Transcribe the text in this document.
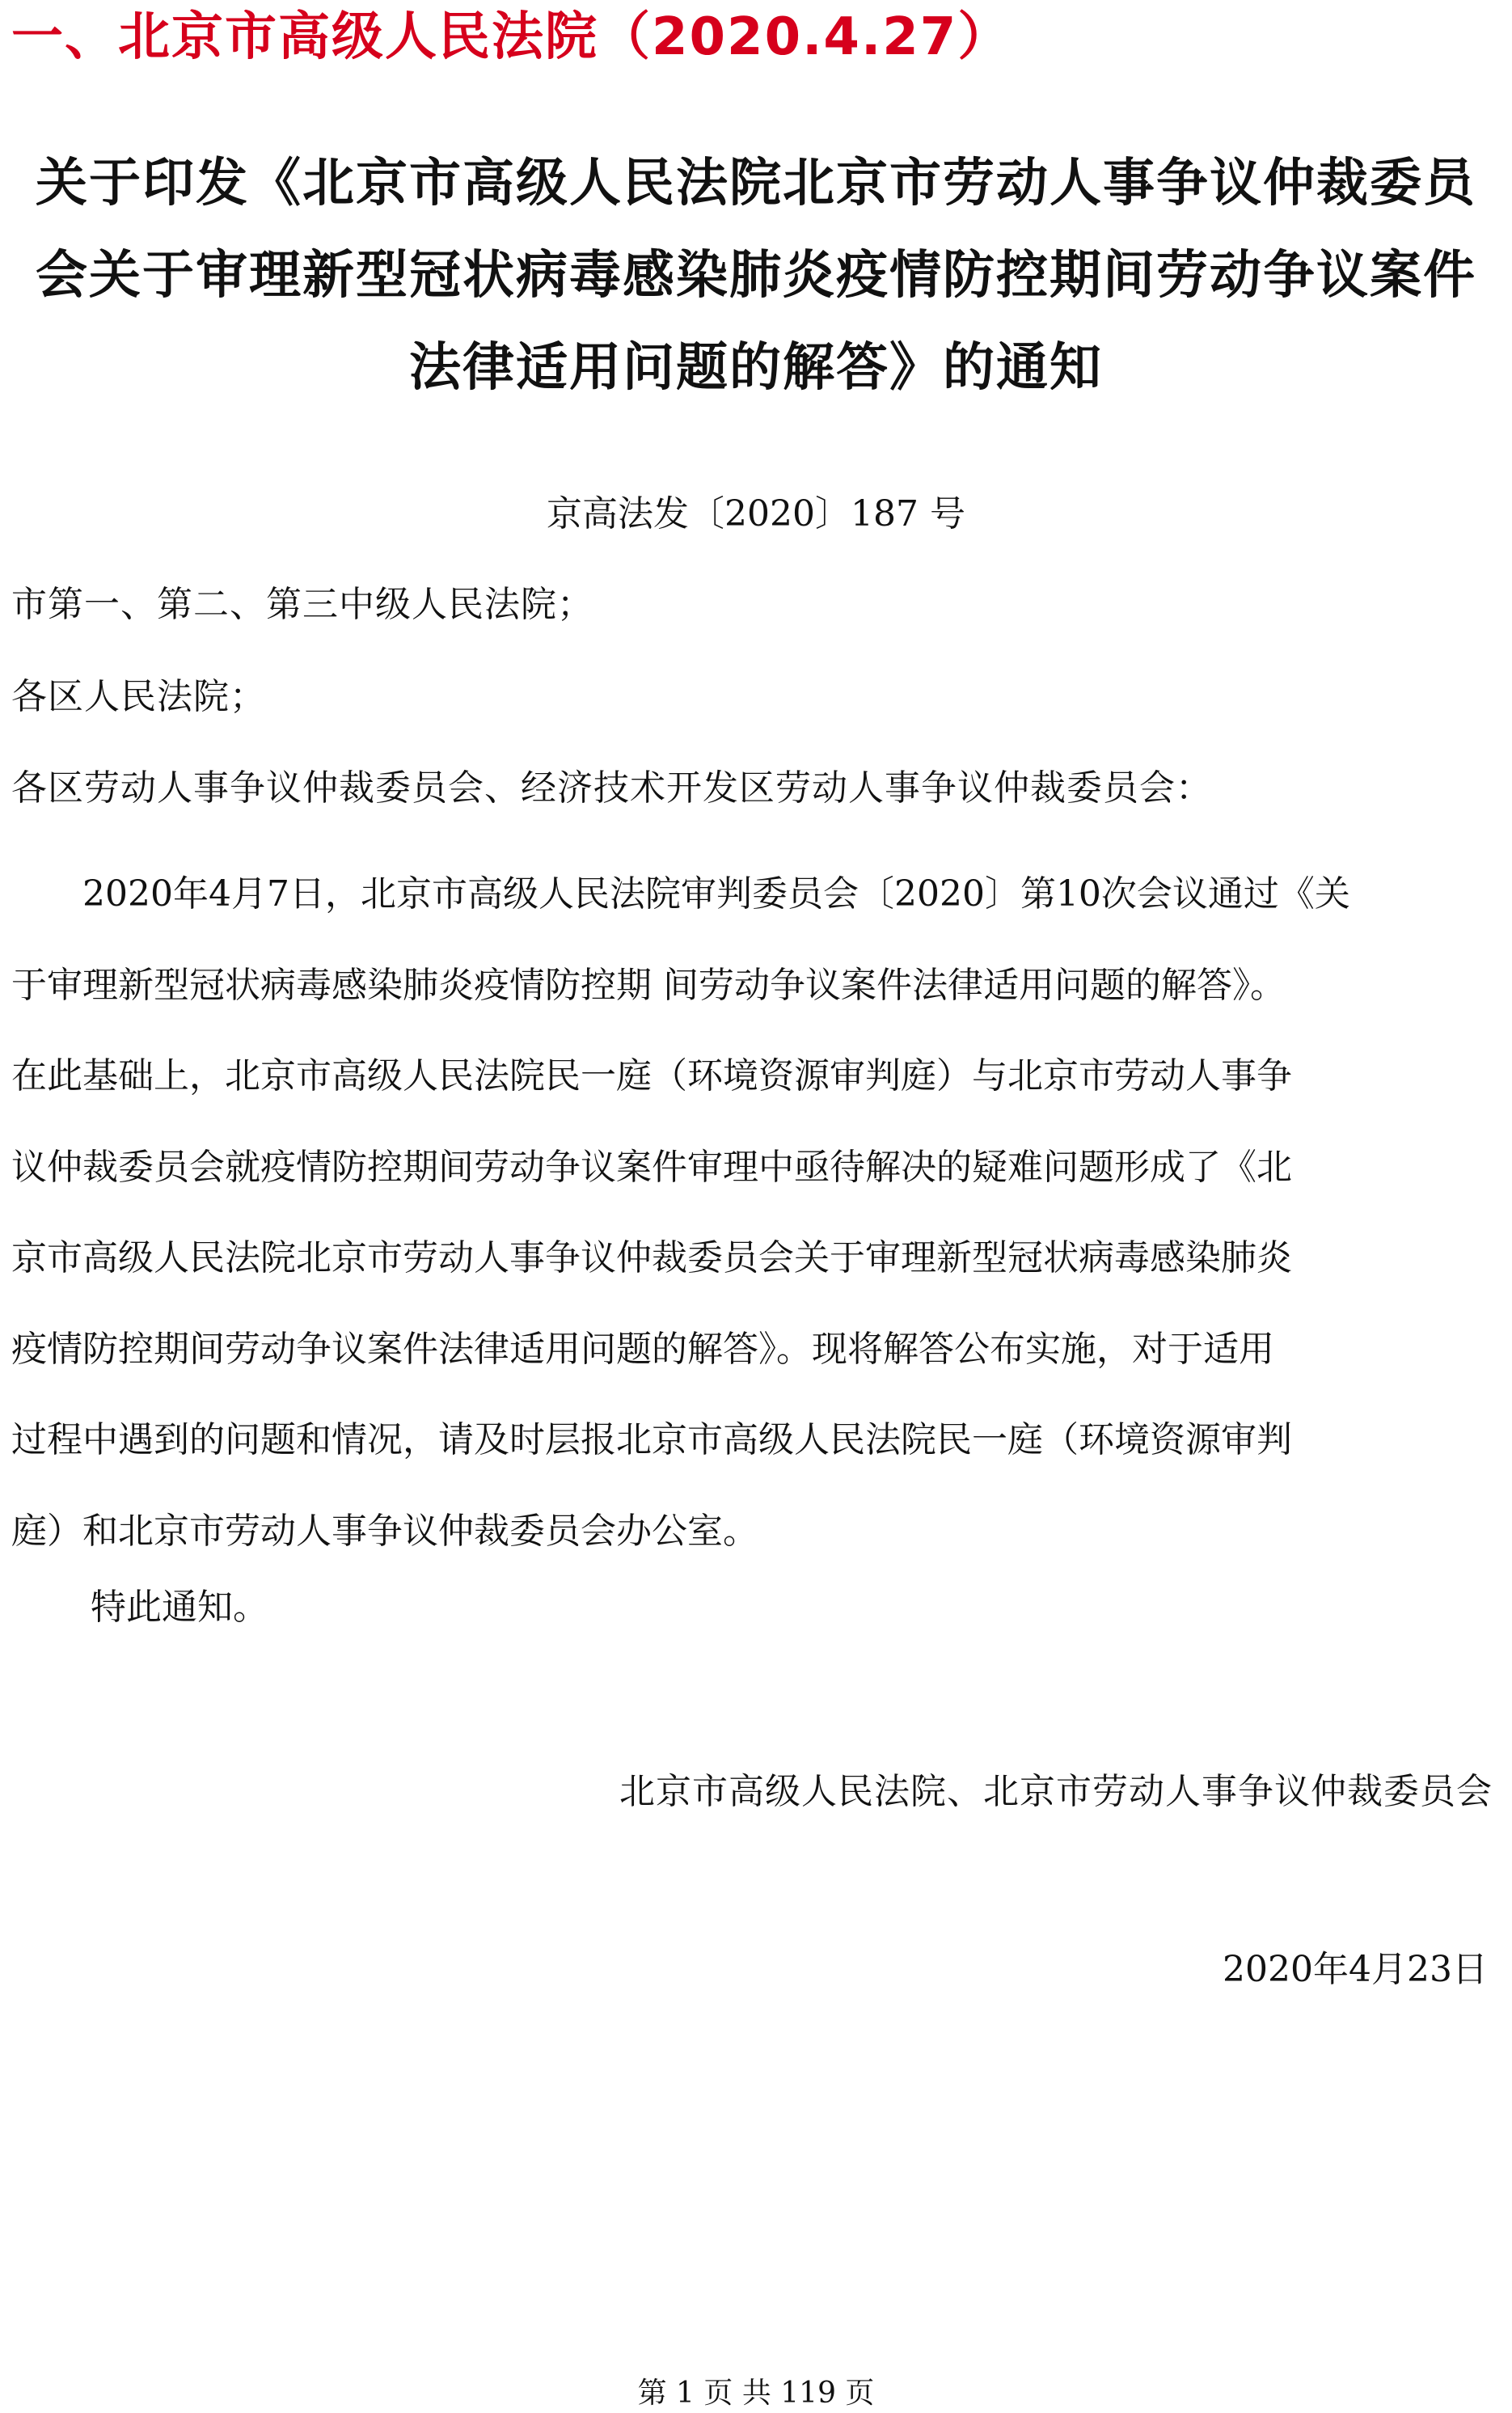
一、北京市高级人民法院（2020.4.27）
关于印发《北京市高级人民法院北京市劳动人事争议仲裁委员
会关于审理新型冠状病毒感染肺炎疫情防控期间劳动争议案件
法律适用问题的解答》的通知
京高法发〔2020〕187 号
市第一、第二、第三中级人民法院；
各区人民法院；
各区劳动人事争议仲裁委员会、经济技术开发区劳动人事争议仲裁委员会：
　　2020年4月7日，北京市高级人民法院审判委员会〔2020〕第10次会议通过《关
于审理新型冠状病毒感染肺炎疫情防控期 间劳动争议案件法律适用问题的解答》。
在此基础上，北京市高级人民法院民一庭（环境资源审判庭）与北京市劳动人事争
议仲裁委员会就疫情防控期间劳动争议案件审理中亟待解决的疑难问题形成了《北
京市高级人民法院北京市劳动人事争议仲裁委员会关于审理新型冠状病毒感染肺炎
疫情防控期间劳动争议案件法律适用问题的解答》。现将解答公布实施，对于适用
过程中遇到的问题和情况，请及时层报北京市高级人民法院民一庭（环境资源审判
庭）和北京市劳动人事争议仲裁委员会办公室。
特此通知。
北京市高级人民法院、北京市劳动人事争议仲裁委员会
2020年4月23日
第 1 页 共 119 页
